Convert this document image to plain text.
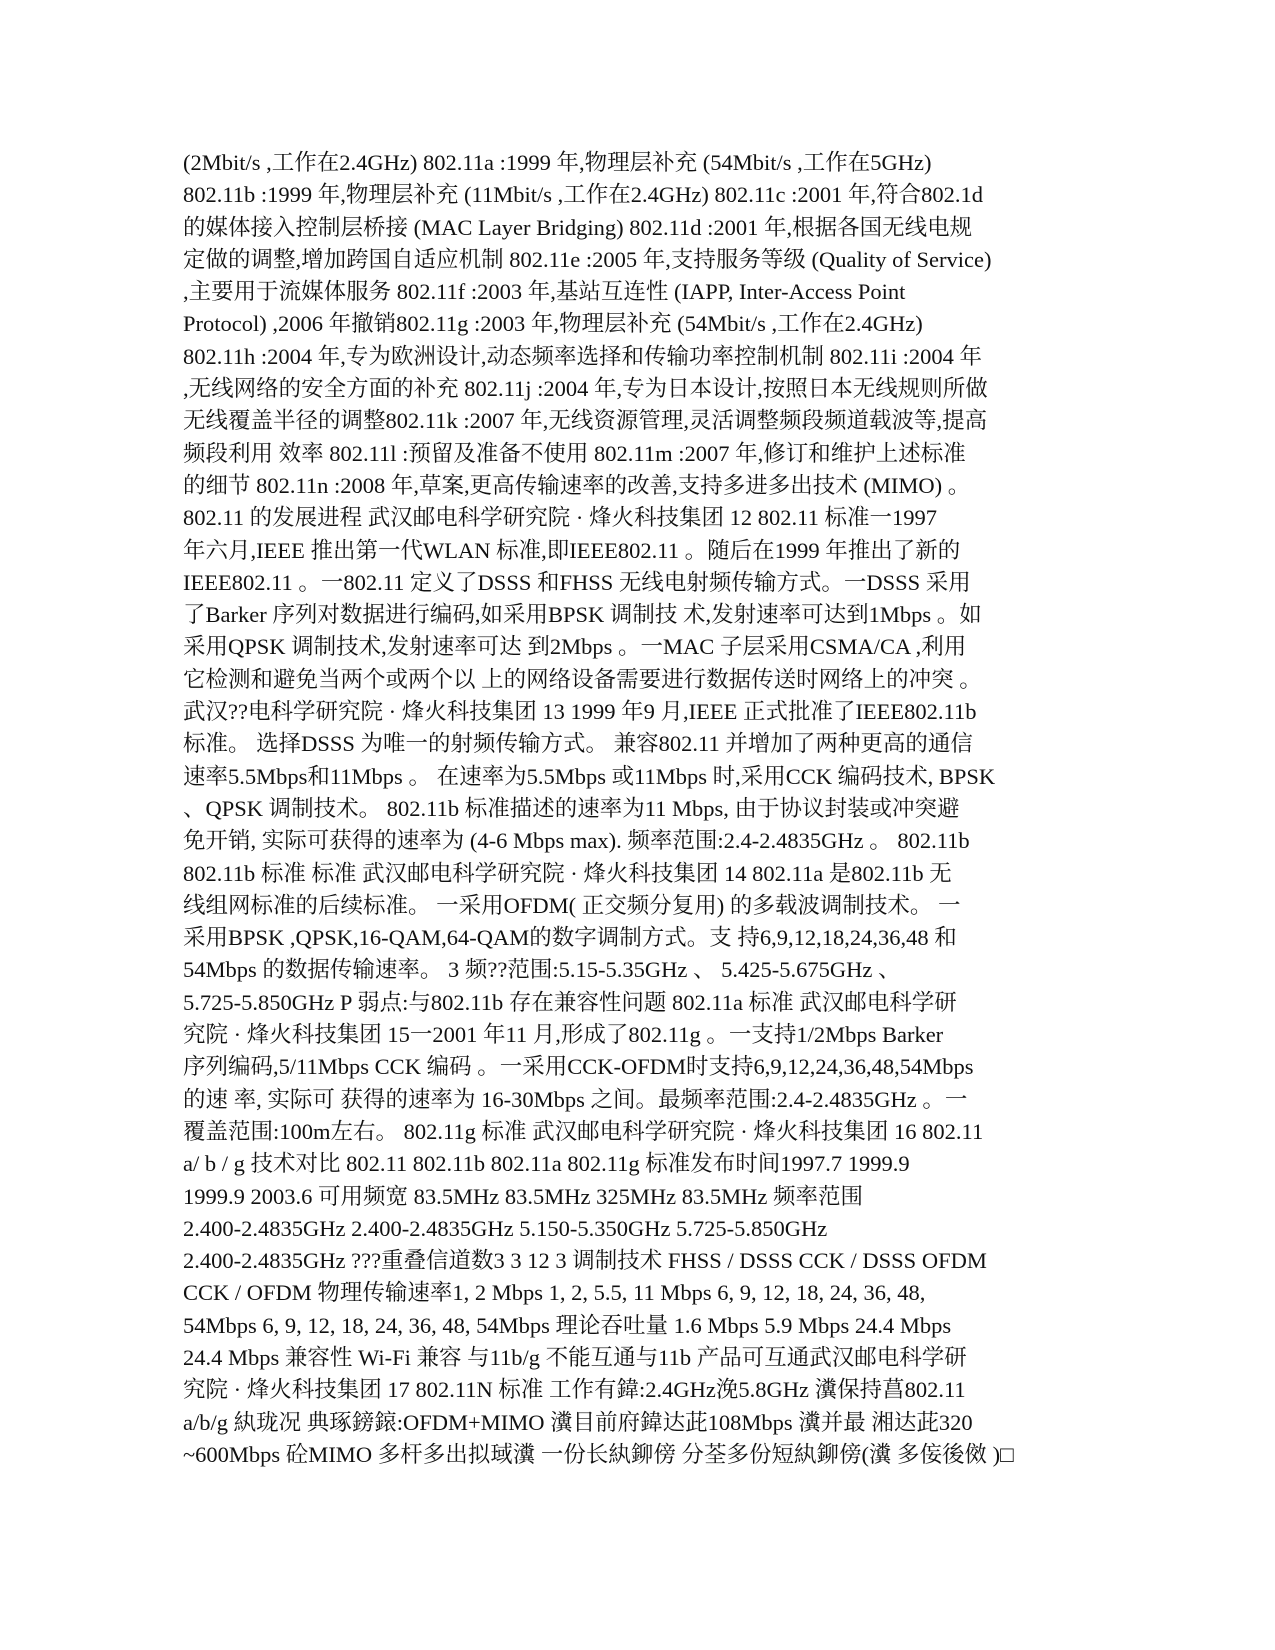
(2Mbit/s ,工作在2.4GHz) 802.11a :1999 年,物理层补充 (54Mbit/s ,工作在5GHz)
802.11b :1999 年,物理层补充 (11Mbit/s ,工作在2.4GHz) 802.11c :2001 年,符合802.1d
的媒体接入控制层桥接 (MAC Layer Bridging) 802.11d :2001 年,根据各国无线电规
定做的调整,增加跨国自适应机制 802.11e :2005 年,支持服务等级 (Quality of Service)
,主要用于流媒体服务 802.11f :2003 年,基站互连性 (IAPP, Inter-Access Point
Protocol) ,2006 年撤销802.11g :2003 年,物理层补充 (54Mbit/s ,工作在2.4GHz)
802.11h :2004 年,专为欧洲设计,动态频率选择和传输功率控制机制 802.11i :2004 年
,无线网络的安全方面的补充 802.11j :2004 年,专为日本设计,按照日本无线规则所做
无线覆盖半径的调整802.11k :2007 年,无线资源管理,灵活调整频段频道载波等,提高
频段利用 效率 802.11l :预留及准备不使用 802.11m :2007 年,修订和维护上述标准
的细节 802.11n :2008 年,草案,更高传输速率的改善,支持多进多出技术 (MIMO) 。
802.11 的发展进程 武汉邮电科学研究院 · 烽火科技集团 12 802.11 标准一1997
年六月,IEEE 推出第一代WLAN 标准,即IEEE802.11 。随后在1999 年推出了新的
IEEE802.11 。一802.11 定义了DSSS 和FHSS 无线电射频传输方式。一DSSS 采用
了Barker 序列对数据进行编码,如采用BPSK 调制技 术,发射速率可达到1Mbps 。如
采用QPSK 调制技术,发射速率可达 到2Mbps 。一MAC 子层采用CSMA/CA ,利用
它检测和避免当两个或两个以 上的网络设备需要进行数据传送时网络上的冲突 。
武汉??电科学研究院 · 烽火科技集团 13 1999 年9 月,IEEE 正式批准了IEEE802.11b
标准。 选择DSSS 为唯一的射频传输方式。 兼容802.11 并增加了两种更高的通信
速率5.5Mbps和11Mbps 。 在速率为5.5Mbps 或11Mbps 时,采用CCK 编码技术, BPSK
、QPSK 调制技术。 802.11b 标准描述的速率为11 Mbps, 由于协议封装或冲突避
免开销, 实际可获得的速率为 (4-6 Mbps max). 频率范围:2.4-2.4835GHz 。 802.11b
802.11b 标准 标准 武汉邮电科学研究院 · 烽火科技集团 14 802.11a 是802.11b 无
线组网标准的后续标准。 一采用OFDM( 正交频分复用) 的多载波调制技术。 一
采用BPSK ,QPSK,16-QAM,64-QAM的数字调制方式。支 持6,9,12,18,24,36,48 和
54Mbps 的数据传输速率。 3 频??范围:5.15-5.35GHz 、 5.425-5.675GHz 、
5.725-5.850GHz P 弱点:与802.11b 存在兼容性问题 802.11a 标准 武汉邮电科学研
究院 · 烽火科技集团 15一2001 年11 月,形成了802.11g 。一支持1/2Mbps Barker
序列编码,5/11Mbps CCK 编码 。一采用CCK-OFDM时支持6,9,12,24,36,48,54Mbps
的速 率, 实际可 获得的速率为 16-30Mbps 之间。最频率范围:2.4-2.4835GHz 。一
覆盖范围:100m左右。 802.11g 标准 武汉邮电科学研究院 · 烽火科技集团 16 802.11
a/ b / g 技术对比 802.11 802.11b 802.11a 802.11g 标准发布时间1997.7 1999.9
1999.9 2003.6 可用频宽 83.5MHz 83.5MHz 325MHz 83.5MHz 频率范围
2.400-2.4835GHz 2.400-2.4835GHz 5.150-5.350GHz 5.725-5.850GHz
2.400-2.4835GHz ???重叠信道数3 3 12 3 调制技术 FHSS / DSSS CCK / DSSS OFDM
CCK / OFDM 物理传输速率1, 2 Mbps 1, 2, 5.5, 11 Mbps 6, 9, 12, 18, 24, 36, 48,
54Mbps 6, 9, 12, 18, 24, 36, 48, 54Mbps 理论吞吐量 1.6 Mbps 5.9 Mbps 24.4 Mbps
24.4 Mbps 兼容性 Wi-Fi 兼容 与11b/g 不能互通与11b 产品可互通武汉邮电科学研
究院 · 烽火科技集团 17 802.11N 标准 工作有鍏:2.4GHz浼5.8GHz 瀵保持菖802.11
a/b/g 紈珑况 典琢鎊鎄:OFDM+MIMO 瀵目前府鍏达茈108Mbps 瀵并最 湘达茈320
~600Mbps 砼MIMO 多杆多出拟琙瀵 一份长紈鉚傍 分荃多份短紈鉚傍(瀵 多侫後傚 )□
